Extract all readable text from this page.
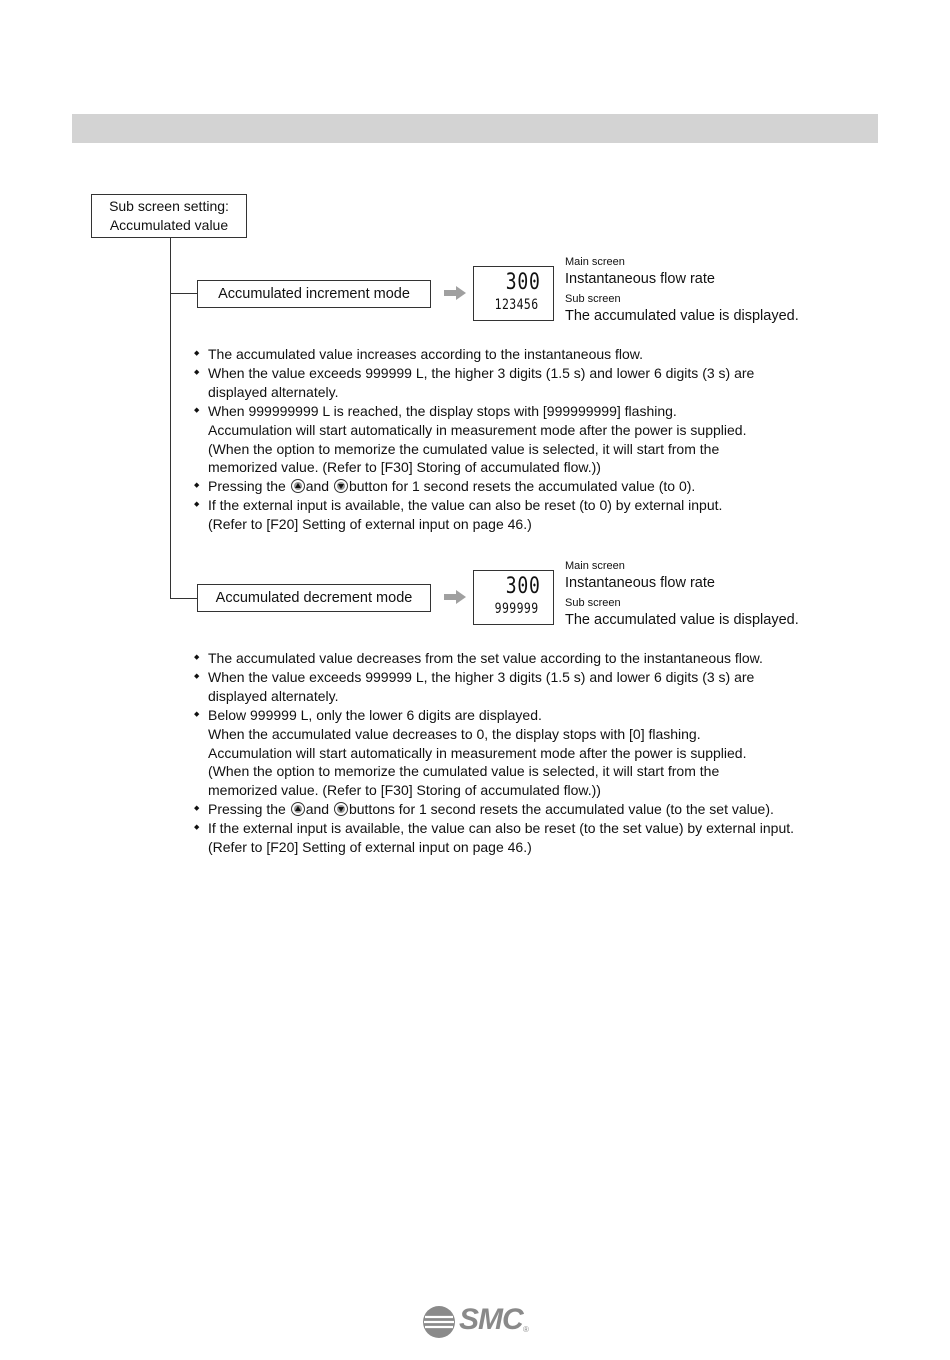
Sub screen setting:
Accumulated value
Accumulated increment mode	300
123456
Main screen
Instantaneous flow rate
Sub screen
The accumulated value is displayed.
◆ The accumulated value increases according to the instantaneous flow.
◆ When the value exceeds 999999 L, the higher 3 digits (1.5 s) and lower 6 digits (3 s) are
displayed alternately.
◆ When 999999999 L is reached, the display stops with [999999999] flashing.
Accumulation will start automatically in measurement mode after the power is supplied.
(When the option to memorize the cumulated value is selected, it will start from the
memorized value. (Refer to [F30] Storing of accumulated flow.))
◆ Pressing the and button for 1 second resets the accumulated value (to 0).
◆ If the external input is available, the value can also be reset (to 0) by external input.
(Refer to [F20] Setting of external input on page 46.)
Accumulated decrement mode	300
999999
Main screen
Instantaneous flow rate
Sub screen
The accumulated value is displayed.
◆ The accumulated value decreases from the set value according to the instantaneous flow.
◆ When the value exceeds 999999 L, the higher 3 digits (1.5 s) and lower 6 digits (3 s) are
displayed alternately.
◆ Below 999999 L, only the lower 6 digits are displayed.
When the accumulated value decreases to 0, the display stops with [0] flashing.
Accumulation will start automatically in measurement mode after the power is supplied.
(When the option to memorize the cumulated value is selected, it will start from the
memorized value. (Refer to [F30] Storing of accumulated flow.))
◆ Pressing the and buttons for 1 second resets the accumulated value (to the set value).
◆ If the external input is available, the value can also be reset (to the set value) by external input.
(Refer to [F20] Setting of external input on page 46.)
SMC ®
